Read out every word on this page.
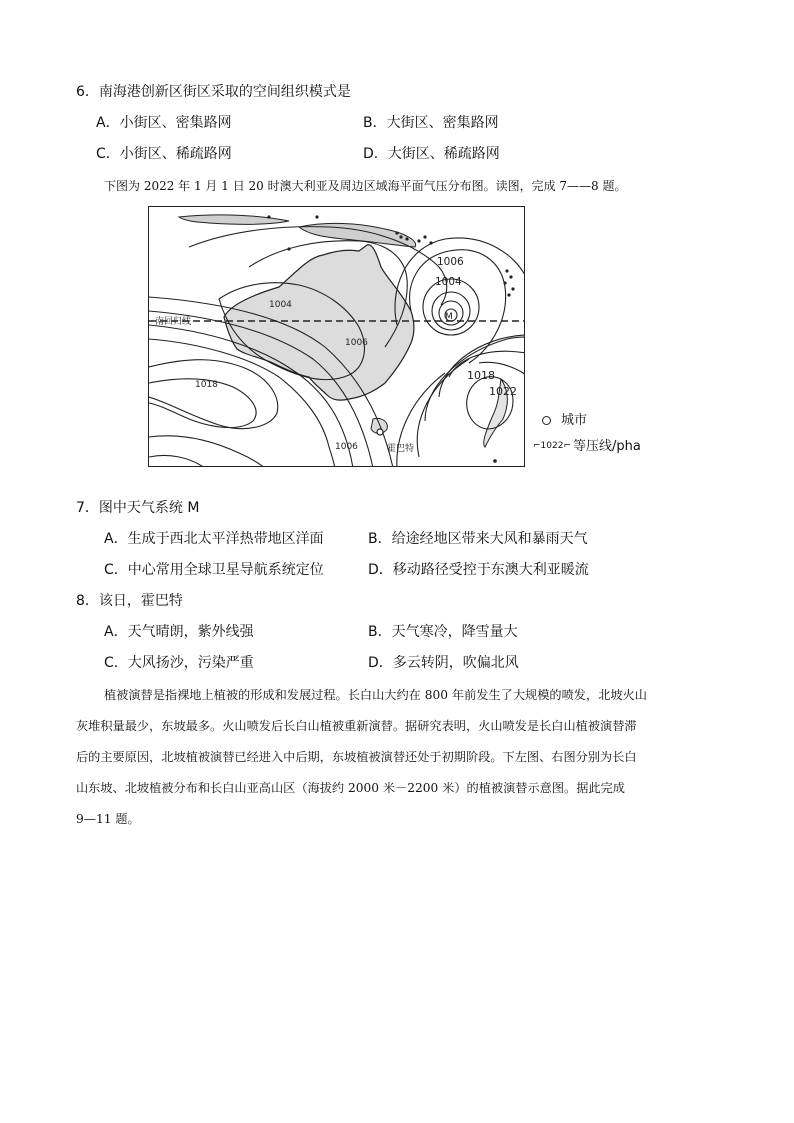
6．南海港创新区街区采取的空间组织模式是
A．小街区、密集路网	B．大街区、密集路网
C．小街区、稀疏路网	D．大街区、稀疏路网
下图为 2022 年 1 月 1 日 20 时澳大利亚及周边区域海平面气压分布图。读图，完成 7——8 题。
南回归线	M
霍巴特
1006
1004
1004
1006
1018
1018
1022
1006
城市
⌐1022⌐ 等压线/pha
7．图中天气系统 M
A．生成于西北太平洋热带地区洋面	B．给途经地区带来大风和暴雨天气
C．中心常用全球卫星导航系统定位	D．移动路径受控于东澳大利亚暖流
8．该日，霍巴特
A．天气晴朗，紫外线强	B．天气寒冷，降雪量大
C．大风扬沙，污染严重	D．多云转阴，吹偏北风
植被演替是指裸地上植被的形成和发展过程。长白山大约在 800 年前发生了大规模的喷发，北坡火山
灰堆积量最少，东坡最多。火山喷发后长白山植被重新演替。据研究表明，火山喷发是长白山植被演替滞
后的主要原因，北坡植被演替已经进入中后期，东坡植被演替还处于初期阶段。下左图、右图分别为长白
山东坡、北坡植被分布和长白山亚高山区（海拔约 2000 米－2200 米）的植被演替示意图。据此完成
9—11 题。
